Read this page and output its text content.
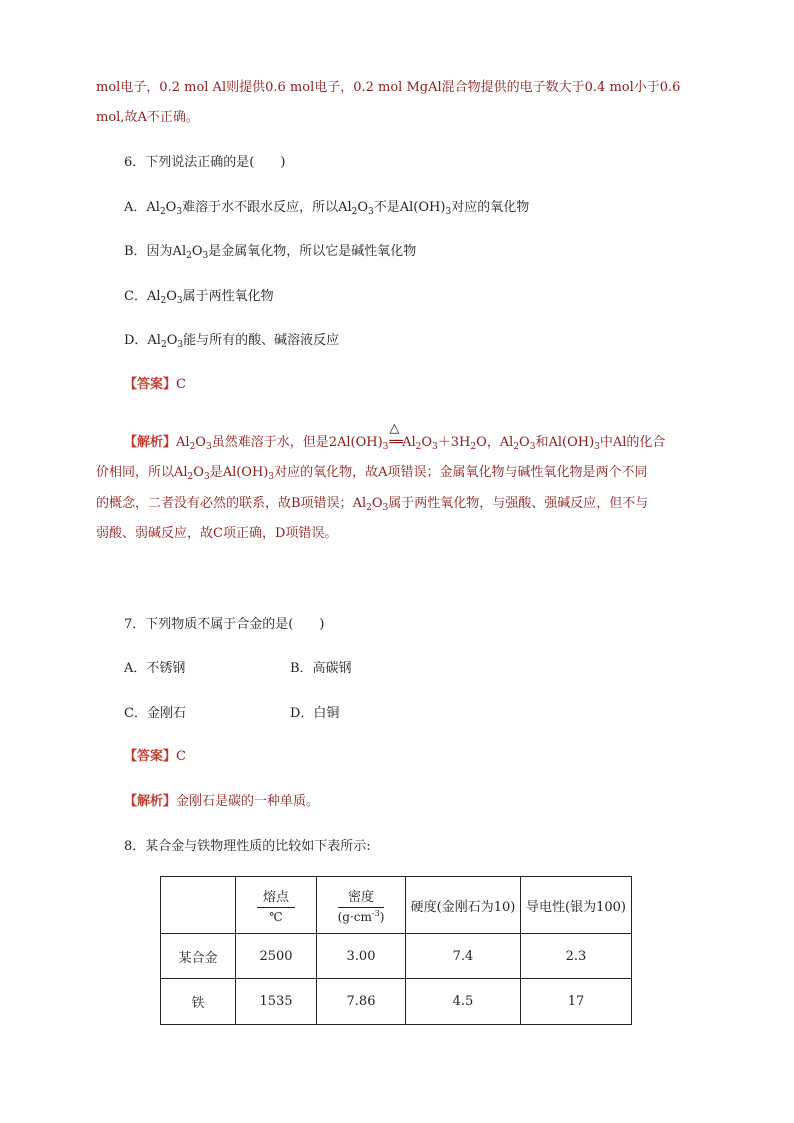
mol电子，0.2 mol Al则提供0.6 mol电子，0.2 mol MgAl混合物提供的电子数大于0.4 mol小于0.6
mol,故A不正确。
6．下列说法正确的是(　　)
A．$Al_2O_3$难溶于水不跟水反应，所以$Al_2O_3$不是$Al(OH)_3$对应的氧化物
B．因为$Al_2O_3$是金属氧化物，所以它是碱性氧化物
C．$Al_2O_3$属于两性氧化物
D．$Al_2O_3$能与所有的酸、碱溶液反应
【答案】C
【解析】$Al_2O_3$虽然难溶于水，但是$2Al(OH)_3$
△
$══Al_2O_3+3H_2O$，$Al_2O_3$和$Al(OH)_3$中Al的化合
价相同，所以$Al_2O_3$是$Al(OH)_3$对应的氧化物，故A项错误；金属氧化物与碱性氧化物是两个不同
的概念，二者没有必然的联系，故B项错误；$Al_2O_3$属于两性氧化物，与强酸、强碱反应，但不与
弱酸、弱碱反应，故C项正确，D项错误。
7．下列物质不属于合金的是(　　)
A．不锈钢	B．高碳钢
C．金刚石	D．白铜
【答案】C
【解析】金刚石是碳的一种单质。
8．某合金与铁物理性质的比较如下表所示:

	$\frac{\text{熔点}}{℃}$	$\frac{\text{密度}}{(g\cdot cm^{-3})}$	硬度(金刚石为10)	导电性(银为100)
某合金	2500	3.00	7.4	2.3
铁	1535	7.86	4.5	17
